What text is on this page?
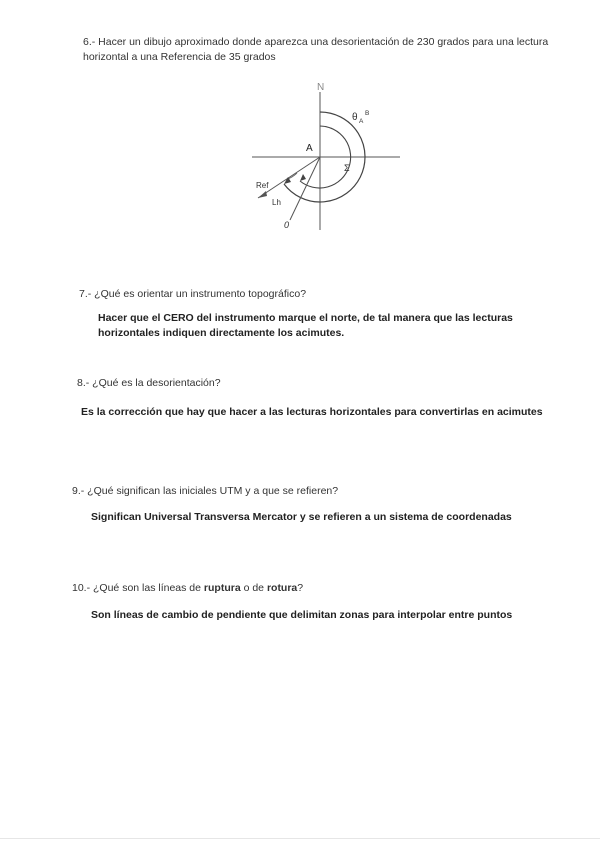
6.- Hacer un dibujo aproximado donde aparezca una desorientación de 230 grados para una lectura horizontal a una Referencia de 35 grados
N
θ A
B
A
Σ
Ref
Lh
0
7.- ¿Qué es orientar un instrumento topográfico?
Hacer que el CERO del instrumento marque el norte, de tal manera que las lecturas horizontales indiquen directamente los acimutes.
8.- ¿Qué es la desorientación?
Es la corrección que hay que hacer a las lecturas horizontales para convertirlas en acimutes
9.- ¿Qué significan las iniciales UTM y a que se refieren?
Significan Universal Transversa Mercator y se refieren a un sistema de coordenadas
10.- ¿Qué son las líneas de ruptura o de rotura?
Son líneas de cambio de pendiente que delimitan zonas para interpolar entre puntos
